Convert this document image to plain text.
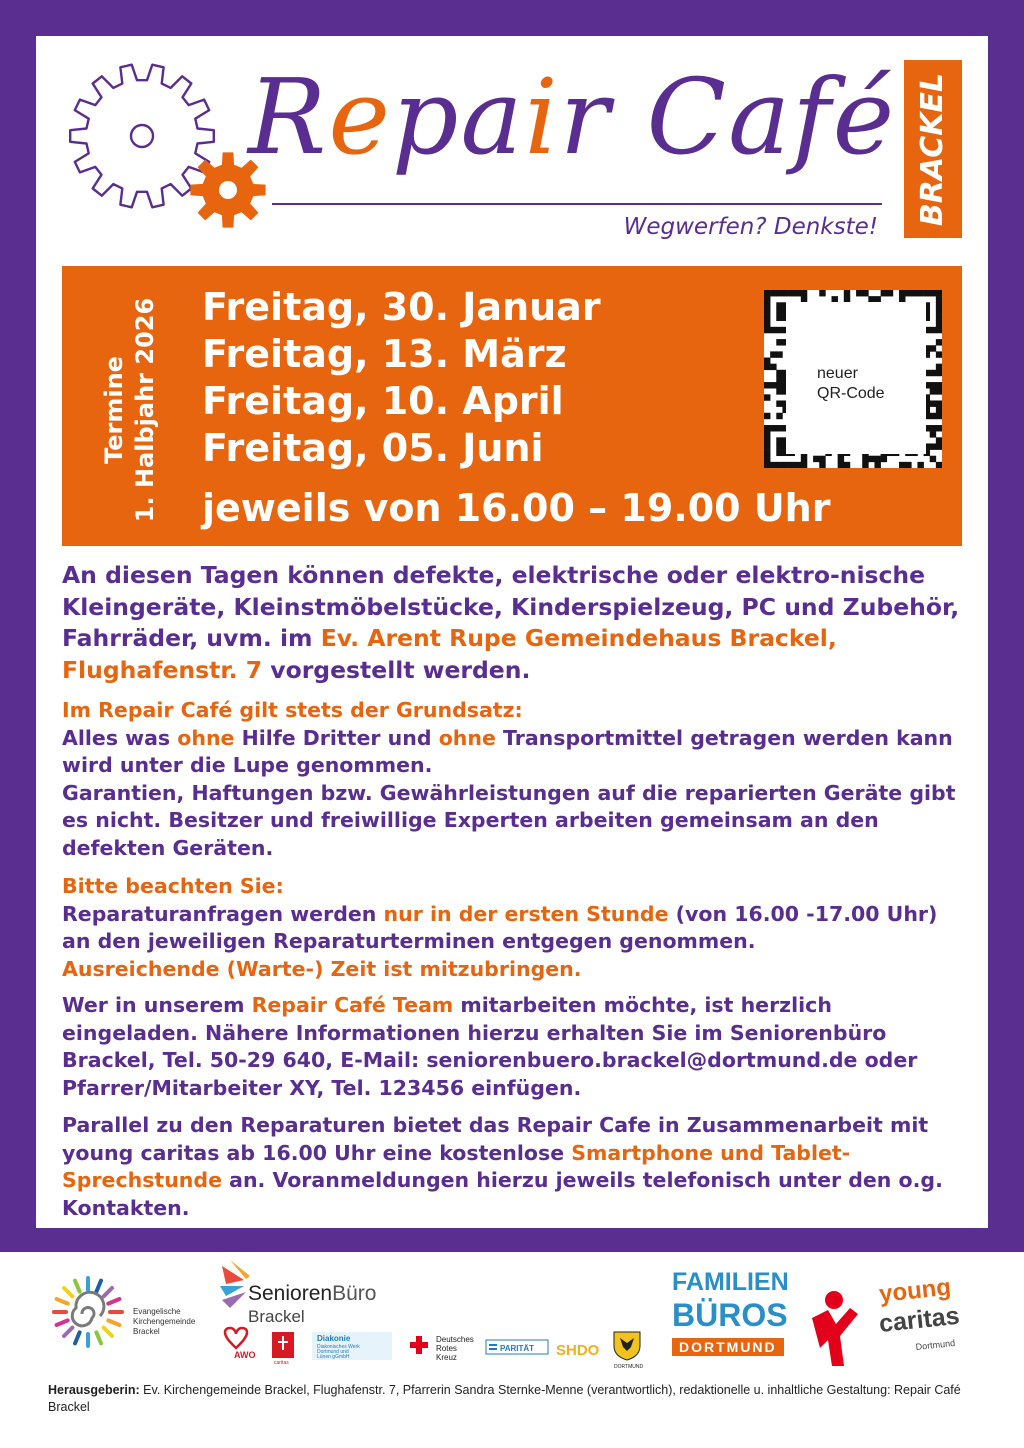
Repair Café
Wegwerfen? Denkste!
BRACKEL
Termine 1. Halbjahr 2026 Freitag, 30. Januar
Freitag, 13. März
Freitag, 10. April
Freitag, 05. Juni
jeweils von 16.00 – 19.00 Uhr
neuer
QR-Code
An diesen Tagen können defekte, elektrische oder elektro-nische Kleingeräte, Kleinstmöbelstücke, Kinderspielzeug, PC und Zubehör, Fahrräder, uvm. im Ev. Arent Rupe Gemeindehaus Brackel, Flughafenstr. 7 vorgestellt werden.
Im Repair Café gilt stets der Grundsatz:
Alles was ohne Hilfe Dritter und ohne Transportmittel getragen werden kann wird unter die Lupe genommen.
Garantien, Haftungen bzw. Gewährleistungen auf die reparierten Geräte gibt es nicht. Besitzer und freiwillige Experten arbeiten gemeinsam an den defekten Geräten.
Bitte beachten Sie:
Reparaturanfragen werden nur in der ersten Stunde (von 16.00 -17.00 Uhr) an den jeweiligen Reparaturterminen entgegen genommen.
Ausreichende (Warte-) Zeit ist mitzubringen.
Wer in unserem Repair Café Team mitarbeiten möchte, ist herzlich eingeladen. Nähere Informationen hierzu erhalten Sie im Seniorenbüro Brackel, Tel. 50-29 640, E-Mail: seniorenbuero.brackel@dortmund.de oder Pfarrer/Mitarbeiter XY, Tel. 123456 einfügen.
Parallel zu den Reparaturen bietet das Repair Cafe in Zusammenarbeit mit young caritas ab 16.00 Uhr eine kostenlose Smartphone und Tablet-Sprechstunde an. Voranmeldungen hierzu jeweils telefonisch unter den o.g. Kontakten.
Evangelische
Kirchengemeinde
Brackel
SeniorenBüro
Brackel
AWO
caritas
Diakonie
Diakonisches Werk
Dortmund und
Lünen gGmbH
Deutsches
Rotes
Kreuz
PARITÄT SHDO
DORTMUND
FAMILIEN
BÜROS
DORTMUND
young
caritas
Dortmund
Herausgeberin: Ev. Kirchengemeinde Brackel, Flughafenstr. 7, Pfarrerin Sandra Sternke-Menne (verantwortlich), redaktionelle u. inhaltliche Gestaltung: Repair Café Brackel
